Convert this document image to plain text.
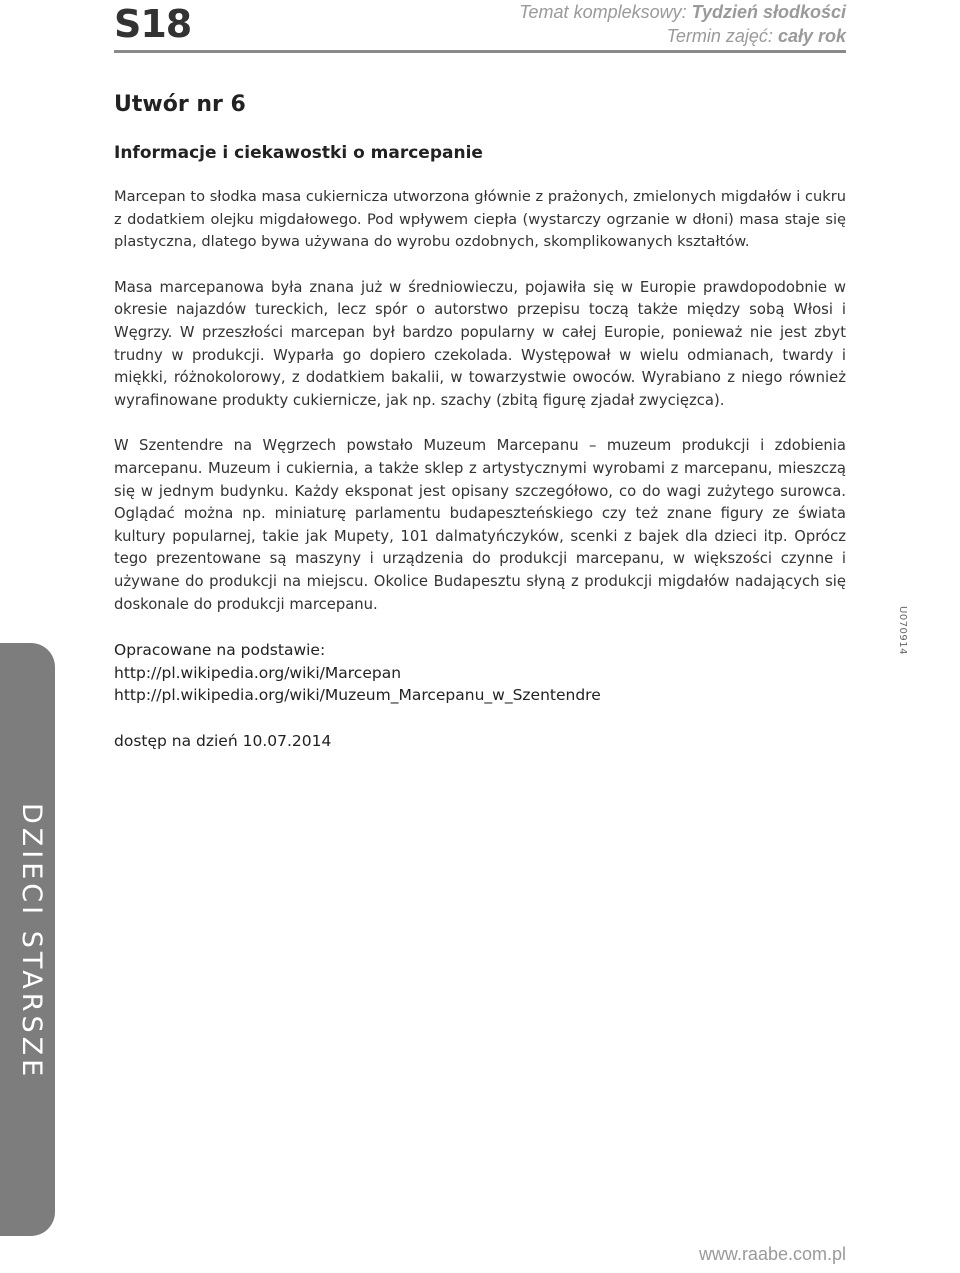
S18	Temat kompleksowy: Tydzień słodkości
Termin zajęć: cały rok
Utwór nr 6
Informacje i ciekawostki o marcepanie

Marcepan to słodka masa cukiernicza utworzona głównie z prażonych, zmielonych migdałów i cukru z dodatkiem olejku migdałowego. Pod wpływem ciepła (wystarczy ogrzanie w dłoni) masa staje się plastyczna, dlatego bywa używana do wyrobu ozdobnych, skomplikowanych kształtów.

Masa marcepanowa była znana już w średniowieczu, pojawiła się w Europie prawdopodobnie w okresie najazdów tureckich, lecz spór o autorstwo przepisu toczą także między sobą Włosi i Węgrzy. W przeszłości marcepan był bardzo popularny w całej Europie, ponieważ nie jest zbyt trudny w produkcji. Wyparła go dopiero czekolada. Występował w wielu odmianach, twardy i miękki, różnokolorowy, z dodatkiem bakalii, w towarzystwie owoców. Wyrabiano z niego również wyrafinowane produkty cukiernicze, jak np. szachy (zbitą figurę zjadał zwycięzca).

W Szentendre na Węgrzech powstało Muzeum Marcepanu – muzeum produkcji i zdobienia marcepanu. Muzeum i cukiernia, a także sklep z artystycznymi wyrobami z marcepanu, mieszczą się w jednym budynku. Każdy eksponat jest opisany szczegółowo, co do wagi zużytego surowca. Oglądać można np. miniaturę parlamentu budapeszteńskiego czy też znane figury ze świata kultury popularnej, takie jak Mupety, 101 dalmatyńczyków, scenki z bajek dla dzieci itp. Oprócz tego prezentowane są maszyny i urządzenia do produkcji marcepanu, w większości czynne i używane do produkcji na miejscu. Okolice Budapesztu słyną z produkcji migdałów nadających się doskonale do produkcji marcepanu.

Opracowane na podstawie:
http://pl.wikipedia.org/wiki/Marcepan
http://pl.wikipedia.org/wiki/Muzeum_Marcepanu_w_Szentendre
dostęp na dzień 10.07.2014
U070914
DZIECI STARSZE
www.raabe.com.pl
